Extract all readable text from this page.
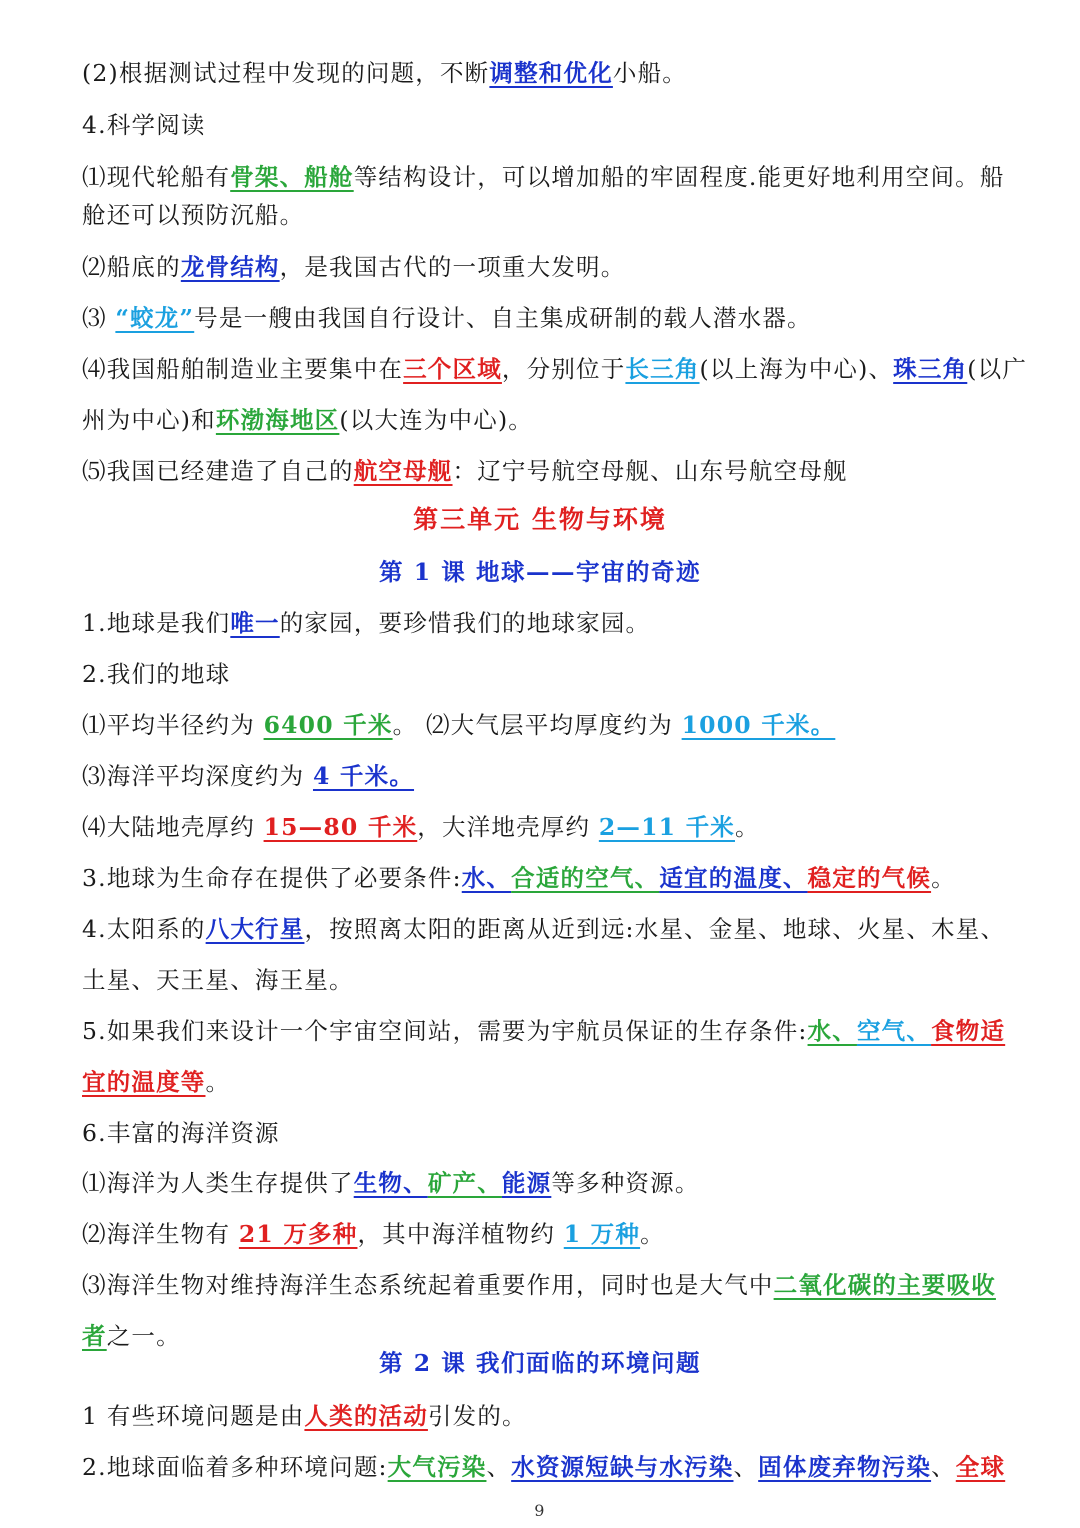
第三单元 生物与环境
第 1 课 地球——宇宙的奇迹
第 2 课 我们面临的环境问题
9
(2)根据测试过程中发现的问题，不断调整和优化小船。
4.科学阅读
⑴现代轮船有骨架、船舱等结构设计，可以增加船的牢固程度.能更好地利用空间。船
舱还可以预防沉船。
⑵船底的龙骨结构，是我国古代的一项重大发明。
⑶ “蛟龙”号是一艘由我国自行设计、自主集成研制的载人潜水器。
⑷我国船舶制造业主要集中在三个区域，分别位于长三角(以上海为中心)、珠三角(以广
州为中心)和环渤海地区(以大连为中心)。
⑸我国已经建造了自己的航空母舰：辽宁号航空母舰、山东号航空母舰
1.地球是我们唯一的家园，要珍惜我们的地球家园。
2.我们的地球
⑴平均半径约为 6400 千米。 ⑵大气层平均厚度约为 1000 千米。
⑶海洋平均深度约为 4 千米。
⑷大陆地壳厚约 15—80 千米，大洋地壳厚约 2—11 千米。
3.地球为生命存在提供了必要条件:水、合适的空气、适宜的温度、稳定的气候。
4.太阳系的八大行星，按照离太阳的距离从近到远:水星、金星、地球、火星、木星、
土星、天王星、海王星。
5.如果我们来设计一个宇宙空间站，需要为宇航员保证的生存条件:水、空气、食物适
宜的温度等。
6.丰富的海洋资源
⑴海洋为人类生存提供了生物、矿产、能源等多种资源。
⑵海洋生物有 21 万多种，其中海洋植物约 1 万种。
⑶海洋生物对维持海洋生态系统起着重要作用，同时也是大气中二氧化碳的主要吸收
者之一。
1 有些环境问题是由人类的活动引发的。
2.地球面临着多种环境问题:大气污染、水资源短缺与水污染、固体废弃物污染、全球
